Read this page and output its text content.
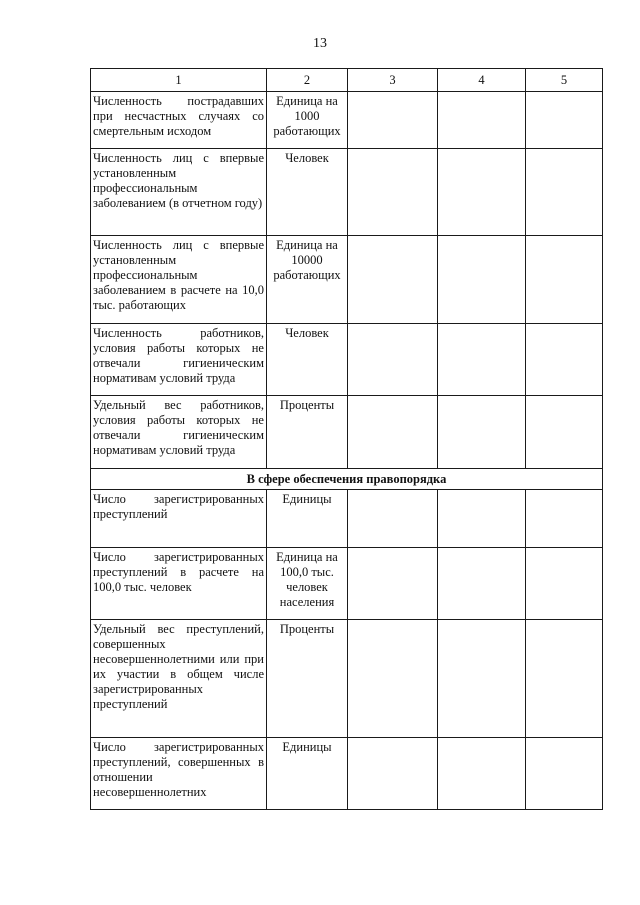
13
1	2	3	4	5
Численность пострадавших при несчастных случаях со смертельным исходом	Единица на 1000 работающих			
Численность лиц с впервые установленным профессиональным заболеванием (в отчетном году)	Человек			
Численность лиц с впервые установленным профессиональным заболеванием в расчете на 10,0 тыс. работающих	Единица на 10000 работающих			
Численность работников, условия работы которых не отвечали гигиеническим нормативам условий труда	Человек			
Удельный вес работников, условия работы которых не отвечали гигиеническим нормативам условий труда	Проценты			
В сфере обеспечения правопорядка				
Число зарегистрированных преступлений	Единицы			
Число зарегистрированных преступлений в расчете на 100,0 тыс. человек	Единица на 100,0 тыс. человек населения			
Удельный вес преступлений, совершенных несовершеннолетними или при их участии в общем числе зарегистрированных преступлений	Проценты			
Число зарегистрированных преступлений, совершенных в отношении несовершеннолетних	Единицы			
